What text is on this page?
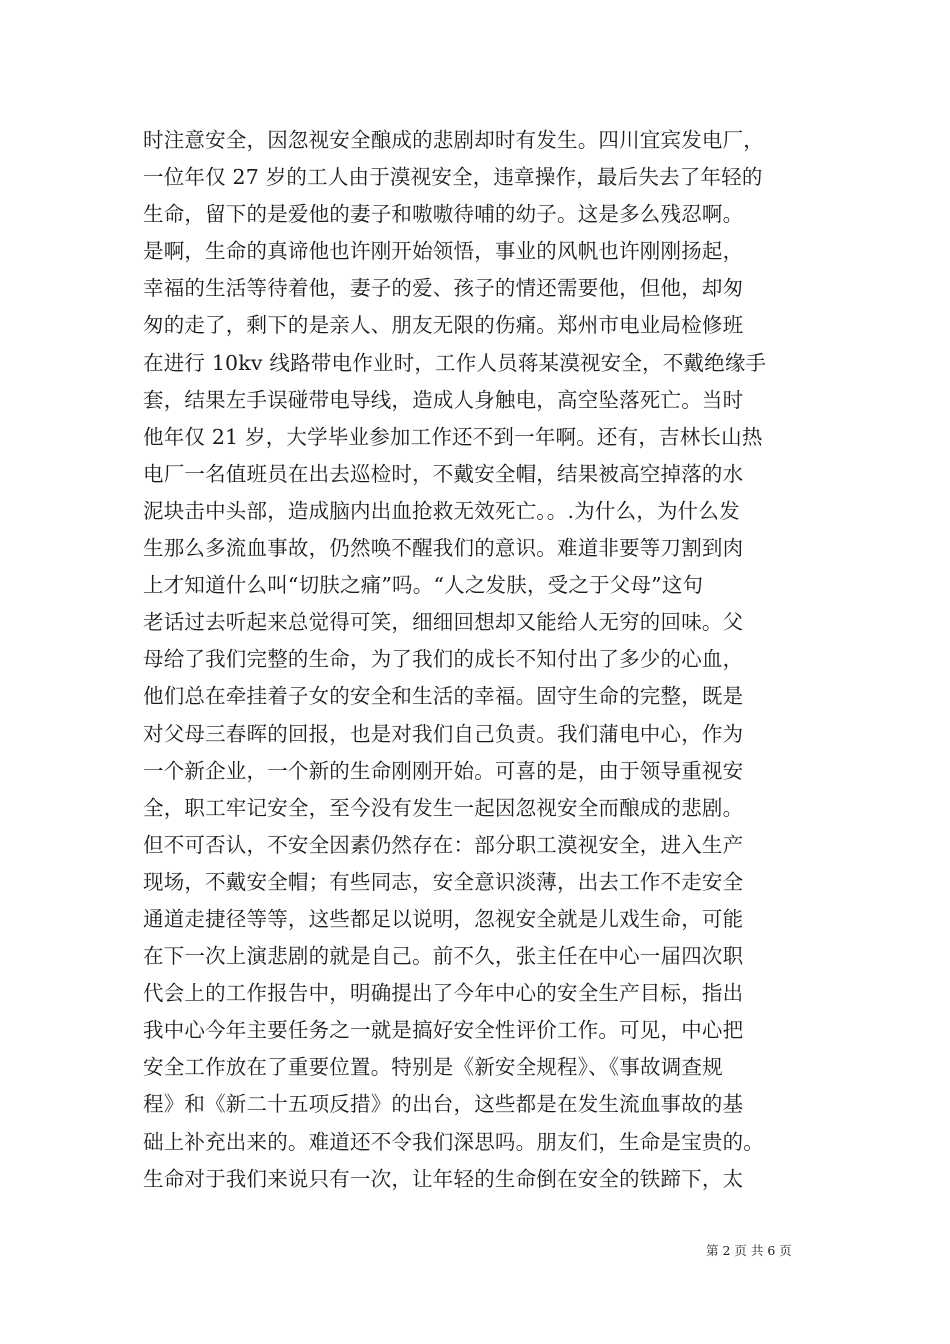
时注意安全，因忽视安全酿成的悲剧却时有发生。四川宜宾发电厂，
一位年仅 27 岁的工人由于漠视安全，违章操作，最后失去了年轻的
生命，留下的是爱他的妻子和嗷嗷待哺的幼子。这是多么残忍啊。
是啊，生命的真谛他也许刚开始领悟，事业的风帆也许刚刚扬起，
幸福的生活等待着他，妻子的爱、孩子的情还需要他，但他，却匆
匆的走了，剩下的是亲人、朋友无限的伤痛。郑州市电业局检修班
在进行 10kv 线路带电作业时，工作人员蒋某漠视安全，不戴绝缘手
套，结果左手误碰带电导线，造成人身触电，高空坠落死亡。当时
他年仅 21 岁，大学毕业参加工作还不到一年啊。还有，吉林长山热
电厂一名值班员在出去巡检时，不戴安全帽，结果被高空掉落的水
泥块击中头部，造成脑内出血抢救无效死亡。。.为什么，为什么发
生那么多流血事故，仍然唤不醒我们的意识。难道非要等刀割到肉
上才知道什么叫“切肤之痛”吗。“人之发肤，受之于父母”这句
老话过去听起来总觉得可笑，细细回想却又能给人无穷的回味。父
母给了我们完整的生命，为了我们的成长不知付出了多少的心血，
他们总在牵挂着子女的安全和生活的幸福。固守生命的完整，既是
对父母三春晖的回报，也是对我们自己负责。我们蒲电中心，作为
一个新企业，一个新的生命刚刚开始。可喜的是，由于领导重视安
全，职工牢记安全，至今没有发生一起因忽视安全而酿成的悲剧。
但不可否认，不安全因素仍然存在：部分职工漠视安全，进入生产
现场，不戴安全帽；有些同志，安全意识淡薄，出去工作不走安全
通道走捷径等等，这些都足以说明，忽视安全就是儿戏生命，可能
在下一次上演悲剧的就是自己。前不久，张主任在中心一届四次职
代会上的工作报告中，明确提出了今年中心的安全生产目标，指出
我中心今年主要任务之一就是搞好安全性评价工作。可见，中心把
安全工作放在了重要位置。特别是《新安全规程》、《事故调查规
程》和《新二十五项反措》的出台，这些都是在发生流血事故的基
础上补充出来的。难道还不令我们深思吗。朋友们，生命是宝贵的。
生命对于我们来说只有一次，让年轻的生命倒在安全的铁蹄下，太
第 2 页 共 6 页
